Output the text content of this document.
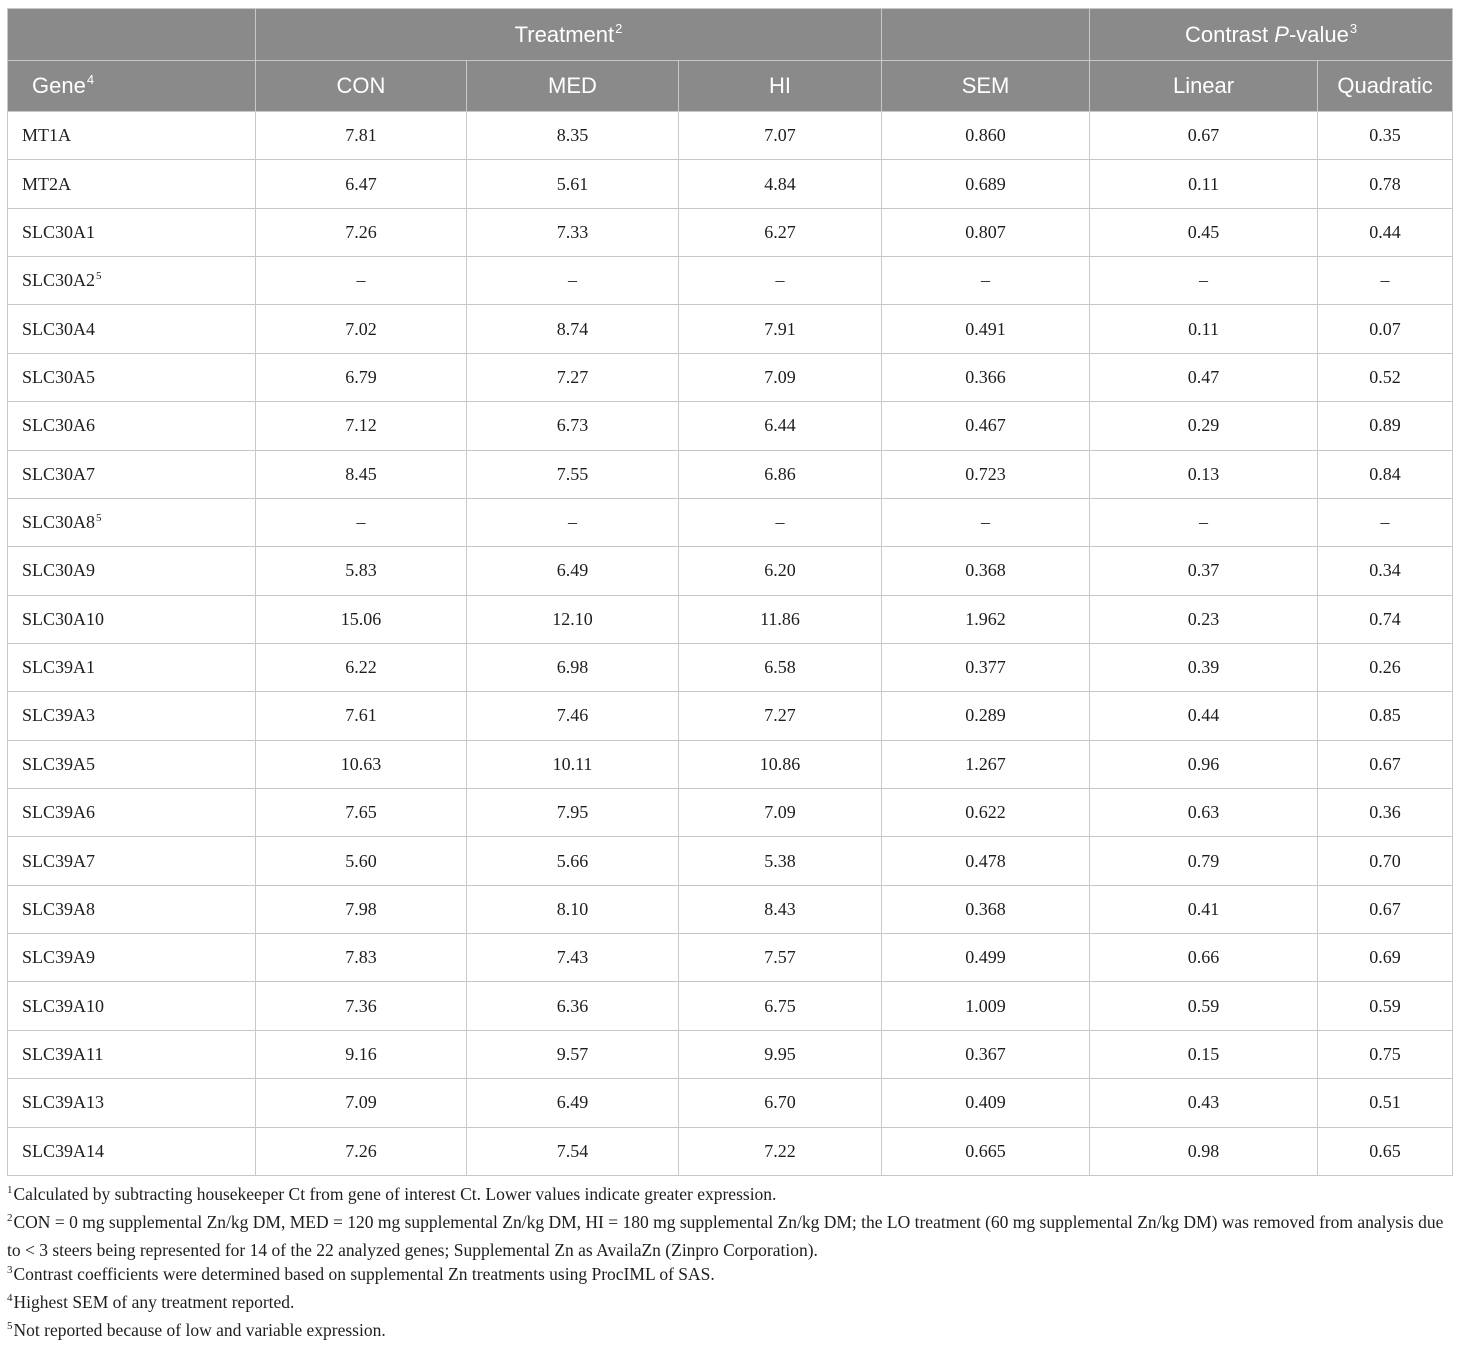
	Treatment$^2$				Contrast P-value$^3$
Gene$^4$	CON	MED	HI	SEM	Linear	Quadratic
MT1A	7.81	8.35	7.07	0.860	0.67	0.35
MT2A	6.47	5.61	4.84	0.689	0.11	0.78
SLC30A1	7.26	7.33	6.27	0.807	0.45	0.44
$SLC30A2^5$	–	–	–	–	–	–
SLC30A4	7.02	8.74	7.91	0.491	0.11	0.07
SLC30A5	6.79	7.27	7.09	0.366	0.47	0.52
SLC30A6	7.12	6.73	6.44	0.467	0.29	0.89
SLC30A7	8.45	7.55	6.86	0.723	0.13	0.84
$SLC30A8^5$	–	–	–	–	–	–
SLC30A9	5.83	6.49	6.20	0.368	0.37	0.34
SLC30A10	15.06	12.10	11.86	1.962	0.23	0.74
SLC39A1	6.22	6.98	6.58	0.377	0.39	0.26
SLC39A3	7.61	7.46	7.27	0.289	0.44	0.85
SLC39A5	10.63	10.11	10.86	1.267	0.96	0.67
SLC39A6	7.65	7.95	7.09	0.622	0.63	0.36
SLC39A7	5.60	5.66	5.38	0.478	0.79	0.70
SLC39A8	7.98	8.10	8.43	0.368	0.41	0.67
SLC39A9	7.83	7.43	7.57	0.499	0.66	0.69
SLC39A10	7.36	6.36	6.75	1.009	0.59	0.59
SLC39A11	9.16	9.57	9.95	0.367	0.15	0.75
SLC39A13	7.09	6.49	6.70	0.409	0.43	0.51
SLC39A14	7.26	7.54	7.22	0.665	0.98	0.65

$^1$Calculated by subtracting housekeeper Ct from gene of interest Ct. Lower values indicate greater expression.

$^2$CON = 0 mg supplemental Zn/kg DM, MED = 120 mg supplemental Zn/kg DM, HI = 180 mg supplemental Zn/kg DM; the LO treatment (60 mg supplemental Zn/kg DM) was removed from analysis due to < 3 steers being represented for 14 of the 22 analyzed genes; Supplemental Zn as AvailaZn (Zinpro Corporation).

$^3$Contrast coefficients were determined based on supplemental Zn treatments using ProcIML of SAS.

$^4$Highest SEM of any treatment reported.

$^5$Not reported because of low and variable expression.
